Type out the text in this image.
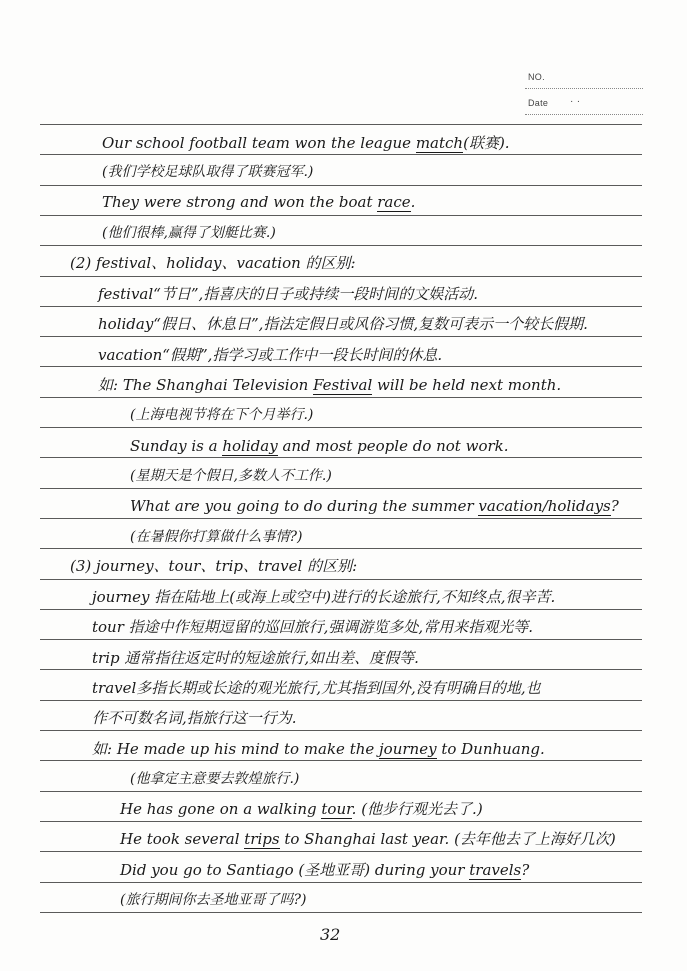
NO.
Date · ·
Our school football team won the league match(联赛).
(我们学校足球队取得了联赛冠军.)
They were strong and won the boat race.
(他们很棒,赢得了划艇比赛.)
(2) festival、holiday、vacation 的区别:
festival“节日”,指喜庆的日子或持续一段时间的文娱活动.
holiday“假日、休息日”,指法定假日或风俗习惯,复数可表示一个较长假期.
vacation“假期”,指学习或工作中一段长时间的休息.
如: The Shanghai Television Festival will be held next month.
(上海电视节将在下个月举行.)
Sunday is a holiday and most people do not work.
(星期天是个假日,多数人不工作.)
What are you going to do during the summer vacation/holidays?
(在暑假你打算做什么事情?)
(3) journey、tour、trip、travel 的区别:
journey 指在陆地上(或海上或空中)进行的长途旅行,不知终点,很辛苦.
tour 指途中作短期逗留的巡回旅行,强调游览多处,常用来指观光等.
trip 通常指往返定时的短途旅行,如出差、度假等.
travel多指长期或长途的观光旅行,尤其指到国外,没有明确目的地,也
作不可数名词,指旅行这一行为.
如: He made up his mind to make the journey to Dunhuang.
(他拿定主意要去敦煌旅行.)
He has gone on a walking tour. (他步行观光去了.)
He took several trips to Shanghai last year. (去年他去了上海好几次)
Did you go to Santiago (圣地亚哥) during your travels?
(旅行期间你去圣地亚哥了吗?)
32
